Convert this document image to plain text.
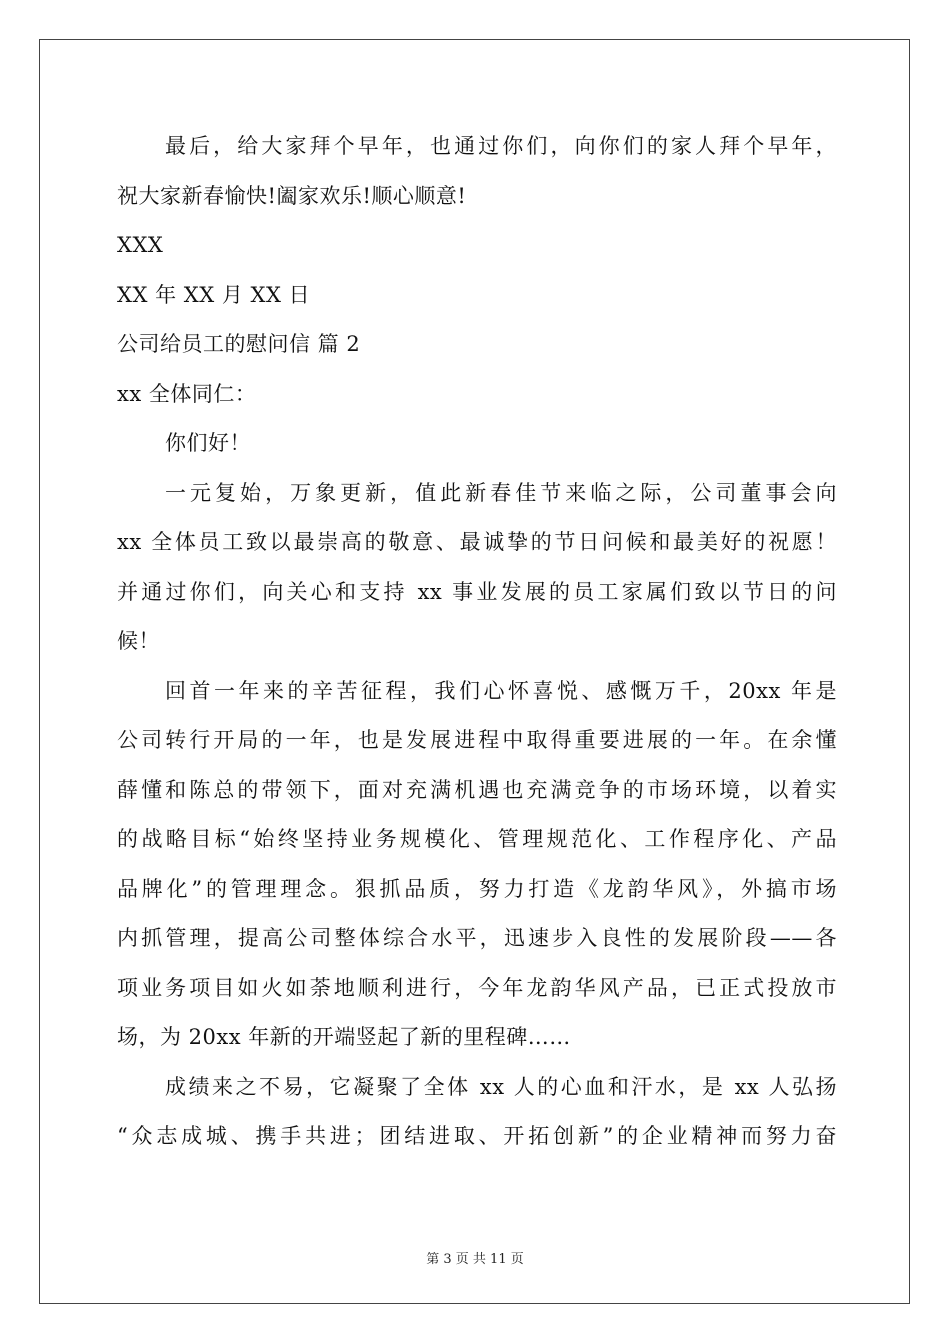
最后，给大家拜个早年，也通过你们，向你们的家人拜个早年，
祝大家新春愉快!阖家欢乐!顺心顺意!
XXX
XX 年 XX 月 XX 日
公司给员工的慰问信 篇 2
xx 全体同仁：
你们好！
一元复始，万象更新，值此新春佳节来临之际，公司董事会向
xx 全体员工致以最崇高的敬意、最诚挚的节日问候和最美好的祝愿！
并通过你们，向关心和支持 xx 事业发展的员工家属们致以节日的问
候！
回首一年来的辛苦征程，我们心怀喜悦、感慨万千，20xx 年是
公司转行开局的一年，也是发展进程中取得重要进展的一年。在余懂
薛懂和陈总的带领下，面对充满机遇也充满竞争的市场环境，以着实
的战略目标“始终坚持业务规模化、管理规范化、工作程序化、产品
品牌化”的管理理念。狠抓品质，努力打造《龙韵华风》，外搞市场
内抓管理，提高公司整体综合水平，迅速步入良性的发展阶段——各
项业务项目如火如荼地顺利进行，今年龙韵华风产品，已正式投放市
场，为 20xx 年新的开端竖起了新的里程碑……
成绩来之不易，它凝聚了全体 xx 人的心血和汗水，是 xx 人弘扬
“众志成城、携手共进；团结进取、开拓创新”的企业精神而努力奋
第 3 页 共 11 页
